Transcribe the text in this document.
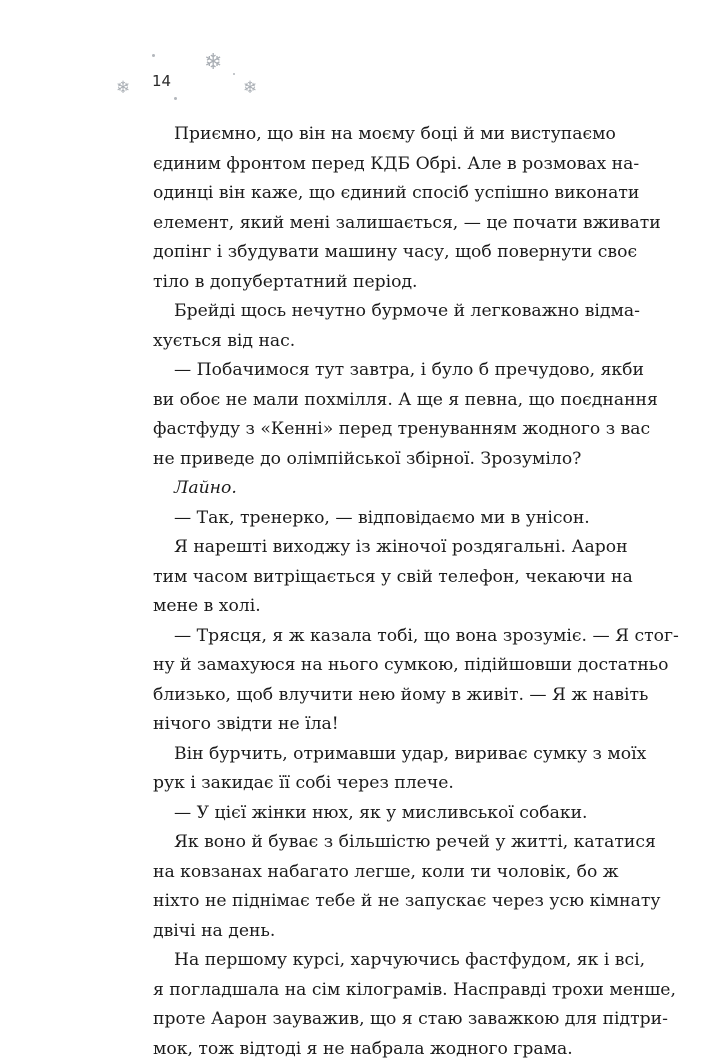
❄
❄
❄
14
Приємно, що він на моєму боці й ми виступаємо
єдиним фронтом перед КДБ Обрі. Але в розмовах на-
одинці він каже, що єдиний спосіб успішно виконати
елемент, який мені залишається, — це почати вживати
допінг і збудувати машину часу, щоб повернути своє
тіло в допубертатний період.
Брейді щось нечутно бурмоче й легковажно відма-
хується від нас.
— Побачимося тут завтра, і було б пречудово, якби
ви обоє не мали похмілля. А ще я певна, що поєднання
фастфуду з «Кенні» перед тренуванням жодного з вас
не приведе до олімпійської збірної. Зрозуміло?
Лайно.
— Так, тренерко, — відповідаємо ми в унісон.
Я нарешті виходжу із жіночої роздягальні. Аарон
тим часом витріщається у свій телефон, чекаючи на
мене в холі.
— Трясця, я ж казала тобі, що вона зрозуміє. — Я стог-
ну й замахуюся на нього сумкою, підійшовши достатньо
близько, щоб влучити нею йому в живіт. — Я ж навіть
нічого звідти не їла!
Він бурчить, отримавши удар, вириває сумку з моїх
рук і закидає її собі через плече.
— У цієї жінки нюх, як у мисливської собаки.
Як воно й буває з більшістю речей у житті, кататися
на ковзанах набагато легше, коли ти чоловік, бо ж
ніхто не піднімає тебе й не запускає через усю кімнату
двічі на день.
На першому курсі, харчуючись фастфудом, як і всі,
я погладшала на сім кілограмів. Насправді трохи менше,
проте Аарон зауважив, що я стаю заважкою для підтри-
мок, тож відтоді я не набрала жодного грама.
